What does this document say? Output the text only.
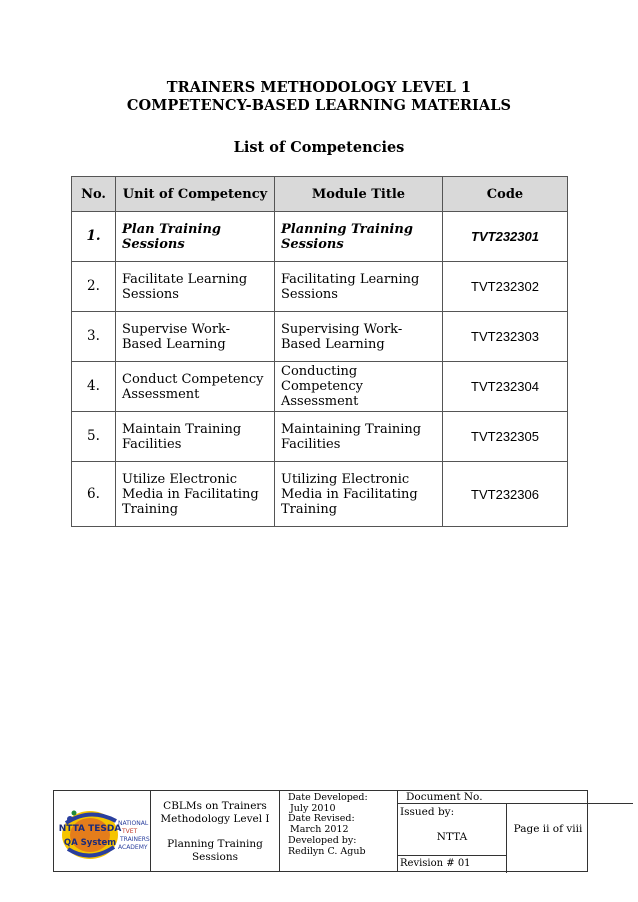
TRAINERS METHODOLOGY LEVEL 1
COMPETENCY-BASED LEARNING MATERIALS
List of Competencies
No.	Unit of Competency	Module Title	Code
1.	Plan Training Sessions	Planning Training Sessions	TVT232301
2.	Facilitate Learning Sessions	Facilitating Learning Sessions	TVT232302
3.	Supervise Work-Based Learning	Supervising Work-Based Learning	TVT232303
4.	Conduct Competency Assessment	Conducting Competency Assessment	TVT232304
5.	Maintain Training Facilities	Maintaining Training Facilities	TVT232305
6.	Utilize Electronic Media in Facilitating Training	Utilizing Electronic Media in Facilitating Training	TVT232306
NTTA TESDA
QA System
NATIONAL
TVET
TRAINERS
ACADEMY
CBLMs on Trainers
Methodology Level I
Planning Training
Sessions
Date Developed:
July 2010
Date Revised:
March 2012
Developed by:
Redilyn C. Agub
Document No.
Issued by:
NTTA
Revision # 01
Page ii of viii
